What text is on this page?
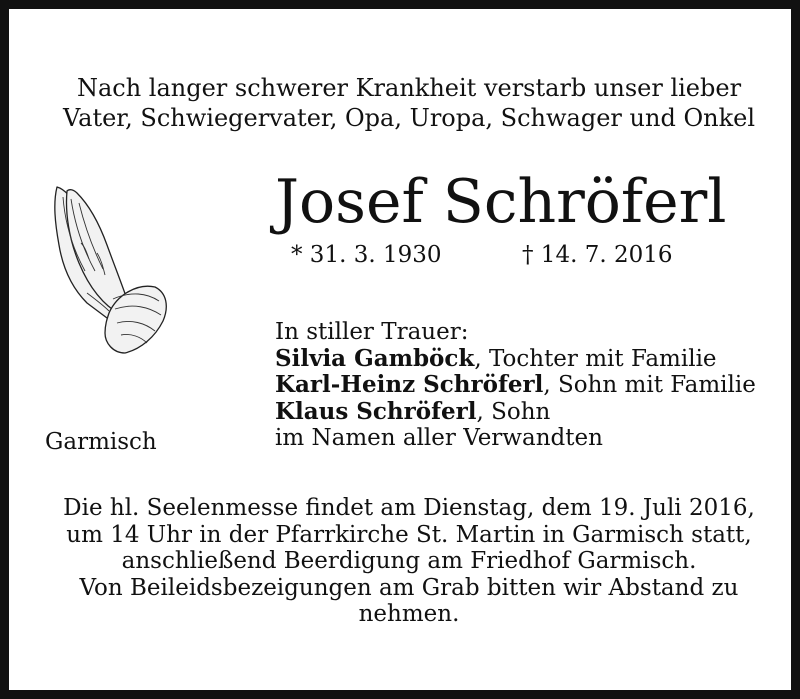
Nach langer schwerer Krankheit verstarb unser lieber
Vater, Schwiegervater, Opa, Uropa, Schwager und Onkel
Josef Schröferl
* 31. 3. 1930	† 14. 7. 2016
In stiller Trauer:
Silvia Gamböck, Tochter mit Familie
Karl-Heinz Schröferl, Sohn mit Familie
Klaus Schröferl, Sohn
im Namen aller Verwandten
Garmisch
Die hl. Seelenmesse findet am Dienstag, dem 19. Juli 2016,
um 14 Uhr in der Pfarrkirche St. Martin in Garmisch statt,
anschließend Beerdigung am Friedhof Garmisch.
Von Beileidsbezeigungen am Grab bitten wir Abstand zu
nehmen.
